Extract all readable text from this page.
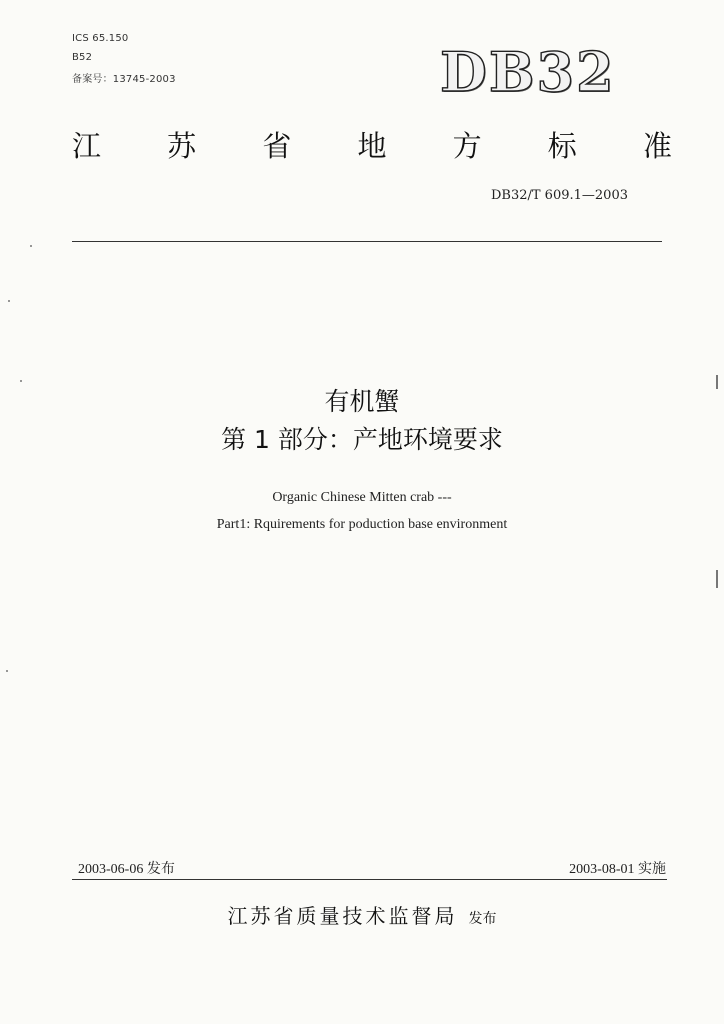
ICS 65.150
B52
备案号：13745-2003	DB32
江 苏 省 地 方 标 准
DB32/T 609.1—2003
有机蟹
第 1 部分：产地环境要求
Organic Chinese Mitten crab ---
Part1: Rquirements for poduction base environment
2003-06-06 发布	2003-08-01 实施
江苏省质量技术监督局 发布
